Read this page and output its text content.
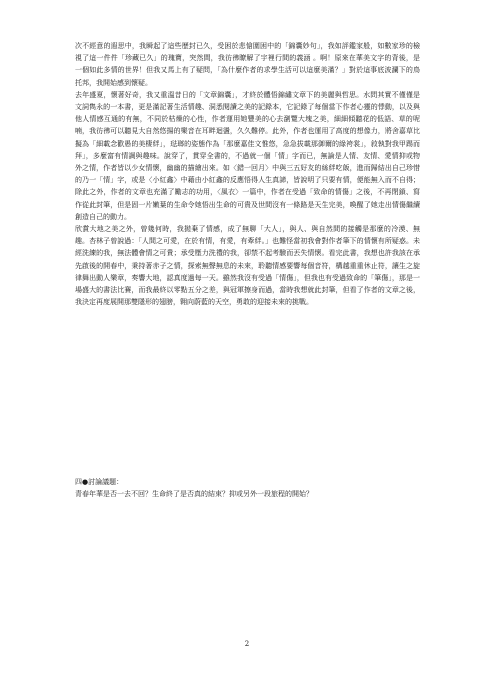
次不經意的遐思中，我瞬起了這些歷封已久，受困於悲愴圍困中的「錦囊妙句」，我如評鑑家般，如數家珍的檢視了這一件件「珍藏已久」的瑰寶，突然間，我彷彿瞭解了宇裡行間的義涵 。啊！原來在華美文字的背後，是一個如此多情的世界！但我又馬上有了疑問，「為什麼作者的求學生活可以這麼美滿？」對於這事底波瀾下的鳥托邦，我開始感到懷疑。

去年盛夏，懷著好奇，我又重溫昔日的「文章錦囊」，才終於體悟錦繡文章下的美麗與哲思。水問其實不僅僅是文詞雋永的一本書，更是滿記著生活情趣、洞悉閱讀之美的記錄本，它記錄了每個當下作者心靈的悸動，以及與他人情感互通的有無，不同於枯燥的心性，作者運用她豐美的心去瀏覽大塊之美，細細傾聽花的低語、草的呢喃，我彷彿可以聽見大自然悠揚的樂音在耳畔迴盪，久久難停。此外，作者也運用了高度的想像力，將舍嘉草比擬為「細載念歡愚的美棲絆」，琺瑯的姿態作為「那麼嘉佳文惟悠，急急拔載那御爾的綠袴裳」，敘執對我甲踢而拜」，多麼富有情調與趣味。說穿了，貫穿全書的，不過就一個「情」字而已，無論是人情、友情、愛情抑或物外之情，作者皆以少女情懷，幽幽的描繪出來。如〈錯一回月〉中與三五好友的絲絆吃飯，進而歸結出自己珍惜的乃一「情」字，或是〈小紅鑫〉中藉由小紅鑫的反應悟得人生真諦，皆說明了只要有情，便能無入而不自得；除此之外，作者的文章也充滿了勵志的功用，〈風衣〉一篇中，作者在受過「致命的情傷」之後，不再閉鎖、寫作從此封筆，但是固一片嫩葉的生命令她悟出生命的可貴及世間沒有一條路是天生完美，喚醒了她走出情傷繼續創造自己的動力。

欣賞大地之美之外，曾幾何時，我拋棄了情感，成了無聊「大人」，與人、與自然間的接觸是那麼的冷漠、無趣。杏林子曾說過：「人間之可愛，在於有情，有愛，有牽絆。」也難怪當初我會對作者筆下的情懷有所疑惑。未經洗練的我，無法體會情之可貴；承受壓力洗禮的我，卻禁不起考驗而丟失情懷。看完此書，我想也許我該在承先啟後的開春中，秉持著赤子之情，探索無聲無息的未來，聆聽情感要響每個音符，構越重重休止符，讓生之旋律舞出動人樂章，奏響大地，認真度過每一天。雖然我沒有受過「情傷」，但我也有受過致命的「筆傷」，那是一場盛大的書法比賽，而我最終以零點五分之差，與冠軍擦身而過，當時我想就此封筆，但看了作者的文章之後，我決定再度展開那雙隱形的翅膀，翱向蔚藍的天空，勇敢的迎接未來的挑戰。

四●討論議題：

青春年華是否一去不回？生命終了是否真的結束？抑或另外一段旅程的開始？

2
